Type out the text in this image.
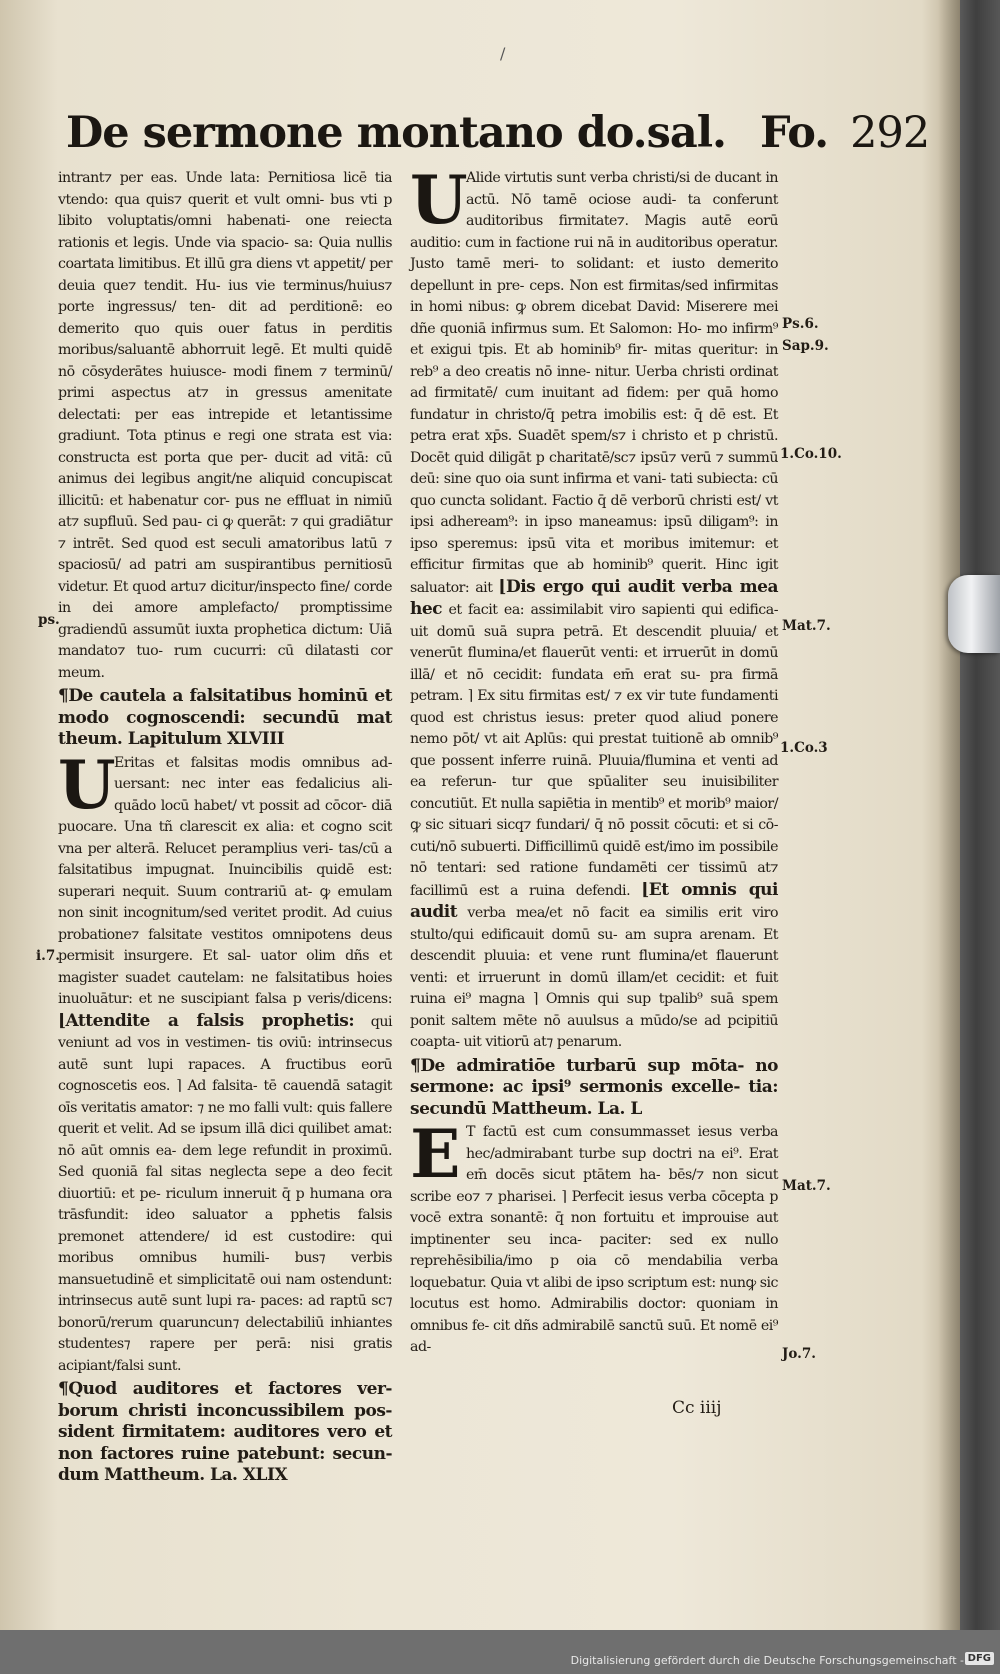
/
De sermone montano do.sal. Fo. 292

intrant⁊ per eas. Unde lata: Pernitiosa licē tia vtendo: qua quis⁊ querit et vult omni- bus vti p libito voluptatis/omni habenati- one reiecta rationis et legis. Unde via spacio- sa: Quia nullis coartata limitibus. Et illū gra diens vt appetit/ per deuia que⁊ tendit. Hu- ius vie terminus/huius⁊ porte ingressus/ ten- dit ad perditionē: eo demerito quo quis ouer fatus in perditis moribus/saluantē abhorruit legē. Et multi quidē nō cōsyderātes huiusce- modi finem ⁊ terminū/ primi aspectus at⁊ in gressus amenitate delectati: per eas intrepide et letantissime gradiunt. Tota ptinus e regi one strata est via: constructa est porta que per- ducit ad vitā: cū animus dei legibus angit/ne aliquid concupiscat illicitū: et habenatur cor- pus ne effluat in nimiū at⁊ supfluū. Sed pau- ci ꝙ querāt: ⁊ qui gradiātur ⁊ intrēt. Sed quod est seculi amatoribus latū ⁊ spaciosū/ ad patri am suspirantibus pernitiosū videtur. Et quod artu⁊ dicitur/inspecto fine/ corde in dei amore amplefacto/ promptissime gradiendū assumūt iuxta prophetica dictum: Uiā mandato⁊ tuo- rum cucurri: cū dilatasti cor meum.

¶De cautela a falsitatibus hominū et modo cognoscendi: secundū mat theum. Lapitulum XLVIII

U
Eritas et falsitas modis omnibus ad- uersant: nec inter eas fedalicius ali- quādo locū habet/ vt possit ad cōcor- diā puocare. Una tñ clarescit ex alia: et cogno scit vna per alterā. Relucet peramplius veri- tas/cū a falsitatibus impugnat. Inuincibilis quidē est: superari nequit. Suum contrariū at- ꝙ emulam non sinit incognitum/sed veritet prodit. Ad cuius probatione⁊ falsitate vestitos omnipotens deus permisit insurgere. Et sal- uator olim dñs et magister suadet cautelam: ne falsitatibus hoies inuoluātur: et ne suscipiant falsa p veris/dicens: ⌊Attendite a falsis prophetis: qui veniunt ad vos in vestimen- tis oviū: intrinsecus autē sunt lupi rapaces. A fructibus eorū cognoscetis eos. ⌉ Ad falsita- tē cauendā satagit oīs veritatis amator: ⁊ ne mo falli vult: quis fallere querit et velit. Ad se ipsum illā dici quilibet amat: nō aūt omnis ea- dem lege refundit in proximū. Sed quoniā fal sitas neglecta sepe a deo fecit diuortiū: et pe- riculum inneruit q̄ p humana ora trāsfundit: ideo saluator a pphetis falsis premonet attendere/ id est custodire: qui moribus omnibus humili- bus⁊ verbis mansuetudinē et simplicitatē oui nam ostendunt: intrinsecus autē sunt lupi ra- paces: ad raptū sc⁊ bonorū/rerum quaruncun⁊ delectabiliū inhiantes studentes⁊ rapere per perā: nisi gratis acipiant/falsi sunt.

¶Quod auditores et factores ver- borum christi inconcussibilem pos- sident firmitatem: auditores vero et non factores ruine patebunt: secun- dum Mattheum. La. XLIX

U
Alide virtutis sunt verba christi/si de ducant in actū. Nō tamē ociose audi- ta conferunt auditoribus firmitate⁊. Magis autē eorū auditio: cum in factione rui nā in auditoribus operatur. Justo tamē meri- to solidant: et iusto demerito depellunt in pre- ceps. Non est firmitas/sed infirmitas in homi nibus: ꝙ obrem dicebat David: Miserere mei dñe quoniā infirmus sum. Et Salomon: Ho- mo infirm⁹ et exigui tpis. Et ab hominib⁹ fir- mitas queritur: in reb⁹ a deo creatis nō inne- nitur. Uerba christi ordinat ad firmitatē/ cum inuitant ad fidem: per quā homo fundatur in christo/q̄ petra imobilis est: q̄ dē est. Et petra erat xp̄s. Suadēt spem/s⁊ i christo et p christū. Docēt quid diligāt p charitatē/sc⁊ ipsū⁊ verū ⁊ summū deū: sine quo oia sunt infirma et vani- tati subiecta: cū quo cuncta solidant. Factio q̄ dē verborū christi est/ vt ipsi adheream⁹: in ipso maneamus: ipsū diligam⁹: in ipso speremus: ipsū vita et moribus imitemur: et efficitur firmitas que ab hominib⁹ querit. Hinc igit saluator: ait ⌊Dis ergo qui audit verba mea hec et facit ea: assimilabit viro sapienti qui edifica- uit domū suā supra petrā. Et descendit pluuia/ et venerūt flumina/et flauerūt venti: et irruerūt in domū illā/ et nō cecidit: fundata em̄ erat su- pra firmā petram. ⌉ Ex situ firmitas est/ ⁊ ex vir tute fundamenti quod est christus iesus: preter quod aliud ponere nemo pōt/ vt ait Aplūs: qui prestat tuitionē ab omnib⁹ que possent inferre ruinā. Pluuia/flumina et venti ad ea referun- tur que spūaliter seu inuisibiliter concutiūt. Et nulla sapiētia in mentib⁹ et morib⁹ maior/ꝙ sic situari sicq⁊ fundari/ q̄ nō possit cōcuti: et si cō- cuti/nō subuerti. Difficillimū quidē est/imo im possibile nō tentari: sed ratione fundamēti cer tissimū at⁊ facillimū est a ruina defendi. ⌊Et omnis qui audit verba mea/et nō facit ea similis erit viro stulto/qui edificauit domū su- am supra arenam. Et descendit pluuia: et vene runt flumina/et flauerunt venti: et irruerunt in domū illam/et cecidit: et fuit ruina ei⁹ magna ⌉ Omnis qui sup tpalib⁹ suā spem ponit saltem mēte nō auulsus a mūdo/se ad pcipitiū coapta- uit vitiorū at⁊ penarum.

¶De admiratiōe turbarū sup mōta- no sermone: ac ipsi⁹ sermonis excelle- tia: secundū Mattheum. La. L

E T factū est cum consummasset iesus verba hec/admirabant turbe sup doctri na ei⁹. Erat em̄ docēs sicut ptātem ha- bēs/⁊ non sicut scribe eo⁊ ⁊ pharisei. ⌉ Perfecit iesus verba cōcepta p vocē extra sonantē: q̄ non fortuitu et improuise aut imptinenter seu inca- paciter: sed ex nullo reprehēsibilia/imo p oia cō mendabilia verba loquebatur. Quia vt alibi de ipso scriptum est: nunꝙ sic locutus est homo. Admirabilis doctor: quoniam in omnibus fe- cit dñs admirabilē sanctū suū. Et nomē ei⁹ ad-

ps.
i.7.
Ps.6.
Sap.9.
1.Co.10.
Mat.7.
1.Co.3
Mat.7.
Jo.7.
Cc iiij
Digitalisierung gefördert durch die Deutsche Forschungsgemeinschaft - DFG
